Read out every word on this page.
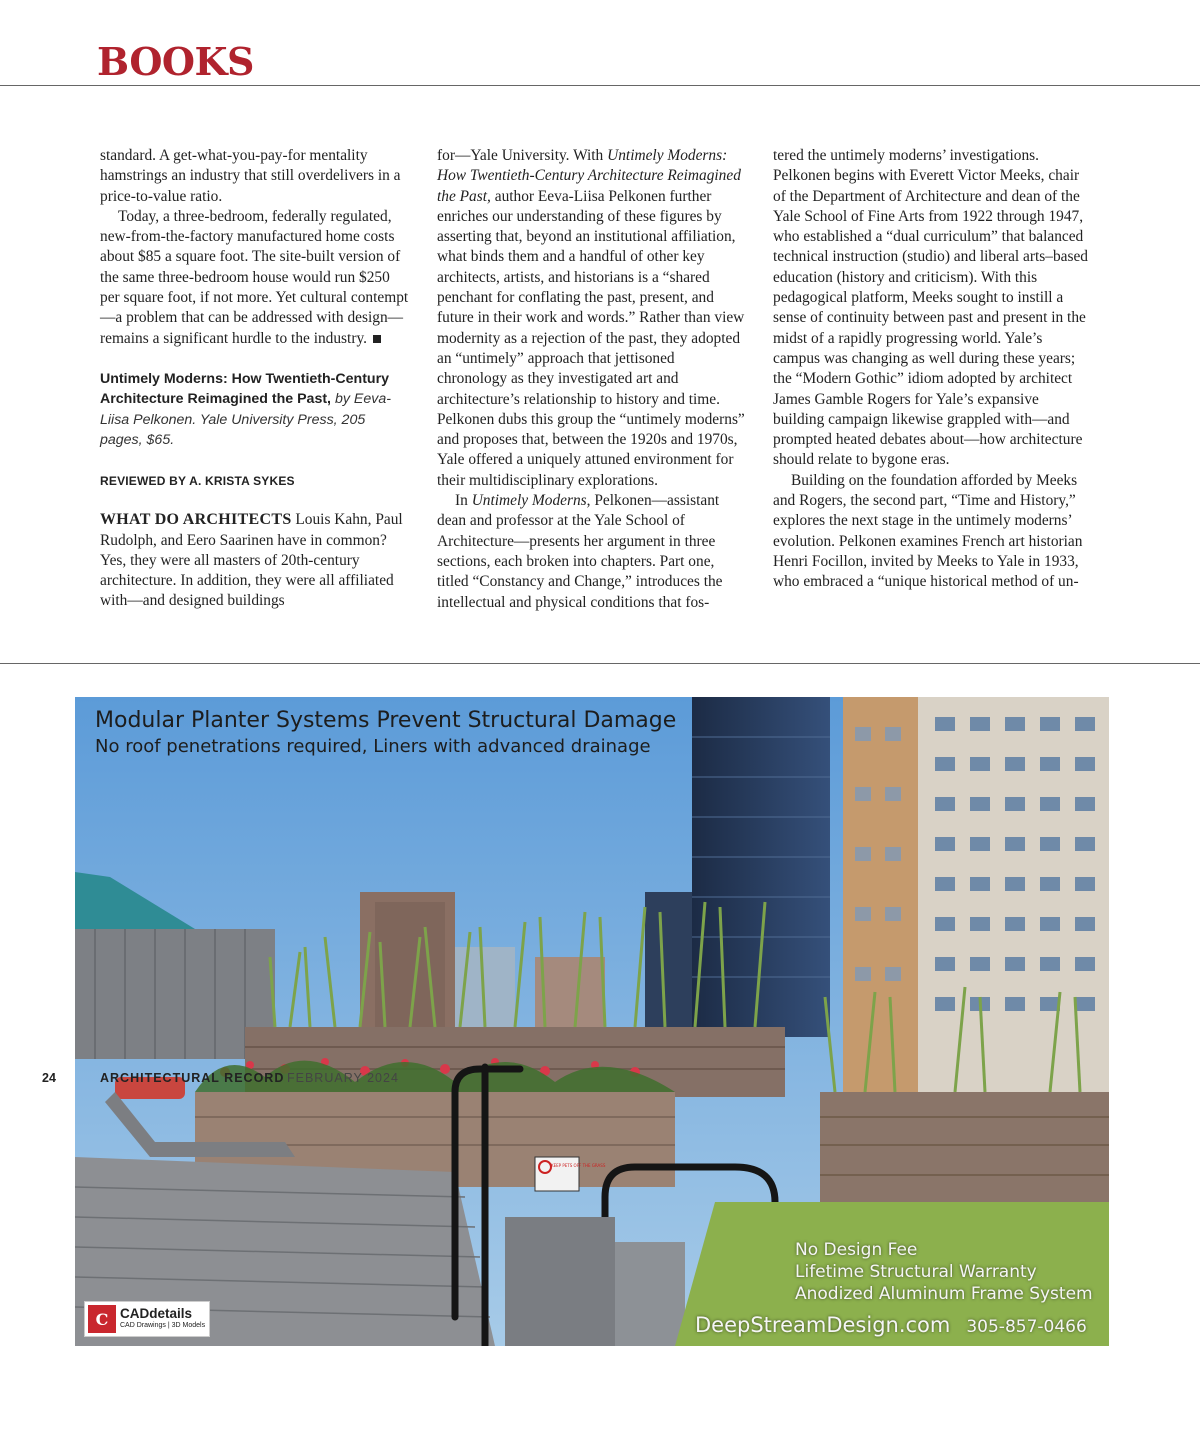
BOOKS

standard. A get-what-you-pay-for mentality hamstrings an industry that still overdelivers in a price-to-value ratio.

Today, a three-bedroom, federally regulated, new-from-the-factory manufactured home costs about $85 a square foot. The site-built version of the same three-bedroom house would run $250 per square foot, if not more. Yet cultural contempt—a problem that can be addressed with design—remains a significant hurdle to the industry.

Untimely Moderns: How Twentieth-Century Architecture Reimagined the Past, by Eeva-Liisa Pelkonen. Yale University Press, 205 pages, $65.

REVIEWED BY A. KRISTA SYKES

WHAT DO ARCHITECTS Louis Kahn, Paul Rudolph, and Eero Saarinen have in common? Yes, they were all masters of 20th-century architecture. In addition, they were all affiliated with—and designed buildings

for—Yale University. With Untimely Moderns: How Twentieth-Century Architecture Reimagined the Past, author Eeva-Liisa Pelkonen further enriches our understanding of these figures by asserting that, beyond an institutional affiliation, what binds them and a handful of other key architects, artists, and historians is a “shared penchant for conflating the past, present, and future in their work and words.” Rather than view modernity as a rejection of the past, they adopted an “untimely” approach that jettisoned chronology as they investigated art and architecture’s relationship to history and time. Pelkonen dubs this group the “untimely moderns” and proposes that, between the 1920s and 1970s, Yale offered a uniquely attuned environment for their multidisciplinary explorations.

In Untimely Moderns, Pelkonen—assistant dean and professor at the Yale School of Architecture—presents her argument in three sections, each broken into chapters. Part one, titled “Constancy and Change,” introduces the intellectual and physical conditions that fos-

tered the untimely moderns’ investigations. Pelkonen begins with Everett Victor Meeks, chair of the Department of Architecture and dean of the Yale School of Fine Arts from 1922 through 1947, who established a “dual curriculum” that balanced technical instruction (studio) and liberal arts–based education (history and criticism). With this pedagogical platform, Meeks sought to instill a sense of continuity between past and present in the midst of a rapidly progressing world. Yale’s campus was changing as well during these years; the “Modern Gothic” idiom adopted by architect James Gamble Rogers for Yale’s expansive building campaign likewise grappled with—and prompted heated debates about—how architecture should relate to bygone eras.

Building on the foundation afforded by Meeks and Rogers, the second part, “Time and History,” explores the next stage in the untimely moderns’ evolution. Pelkonen examines French art historian Henri Focillon, invited by Meeks to Yale in 1933, who embraced a “unique historical method of un-

KEEP PETS OFF THE GRASS
Modular Planter Systems Prevent Structural Damage
No roof penetrations required, Liners with advanced drainage
No Design Fee
Lifetime Structural Warranty
Anodized Aluminum Frame System
DeepStreamDesign.com 305-857-0466
C CADdetails
CAD Drawings | 3D Models
24	ARCHITECTURAL RECORD FEBRUARY 2024
